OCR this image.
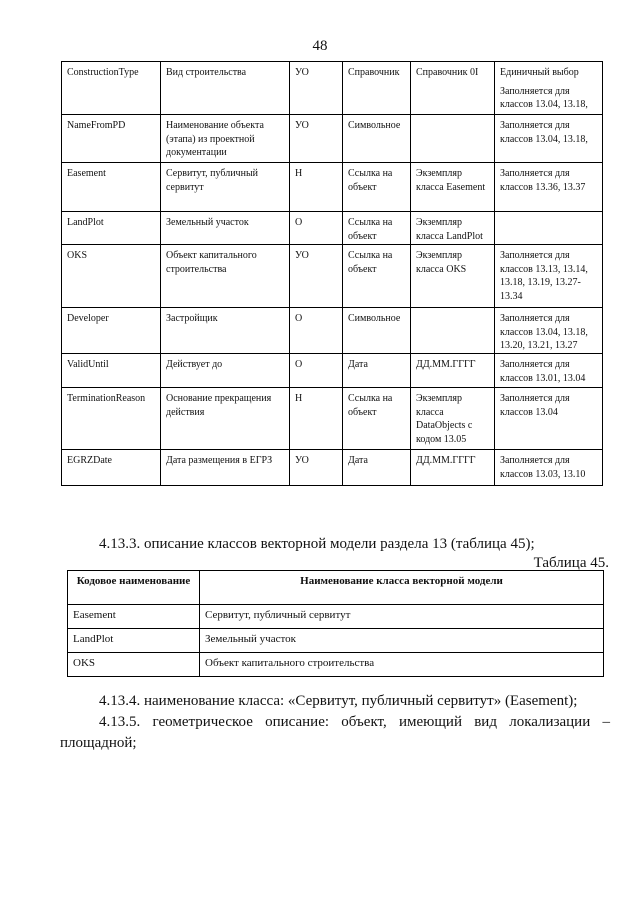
48
ConstructionType	Вид строительства	УО	Справочник	Справочник 0I	Единичный выбор

Заполняется для классов 13.04, 13.18,

NameFromPD	Наименование объекта (этапа) из проектной документации	УО	Символьное		Заполняется для классов 13.04, 13.18,

Easement	Сервитут, публичный сервитут	Н	Ссылка на объект	Экземпляр класса Easement	Заполняется для классов 13.36, 13.37

LandPlot	Земельный участок	О	Ссылка на объект	Экземпляр класса LandPlot	

OKS	Объект капитального строительства	УО	Ссылка на объект	Экземпляр класса OKS	Заполняется для классов 13.13, 13.14, 13.18, 13.19, 13.27-13.34

Developer	Застройщик	О	Символьное		Заполняется для классов 13.04, 13.18, 13.20, 13.21, 13.27

ValidUntil	Действует до	О	Дата	ДД.ММ.ГГГГ	Заполняется для классов 13.01, 13.04

TerminationReason	Основание прекращения действия	Н	Ссылка на объект	Экземпляр класса DataObjects с кодом 13.05	Заполняется для классов 13.04

EGRZDate	Дата размещения в ЕГРЗ	УО	Дата	ДД.ММ.ГГГГ	Заполняется для классов 13.03, 13.10

4.13.3. описание классов векторной модели раздела 13 (таблица 45);
Таблица 45.
Кодовое наименование	Наименование класса векторной модели
Easement	Сервитут, публичный сервитут
LandPlot	Земельный участок
OKS	Объект капитального строительства
4.13.4. наименование класса: «Сервитут, публичный сервитут» (Easement);
4.13.5. геометрическое описание: объект, имеющий вид локализации –
площадной;
